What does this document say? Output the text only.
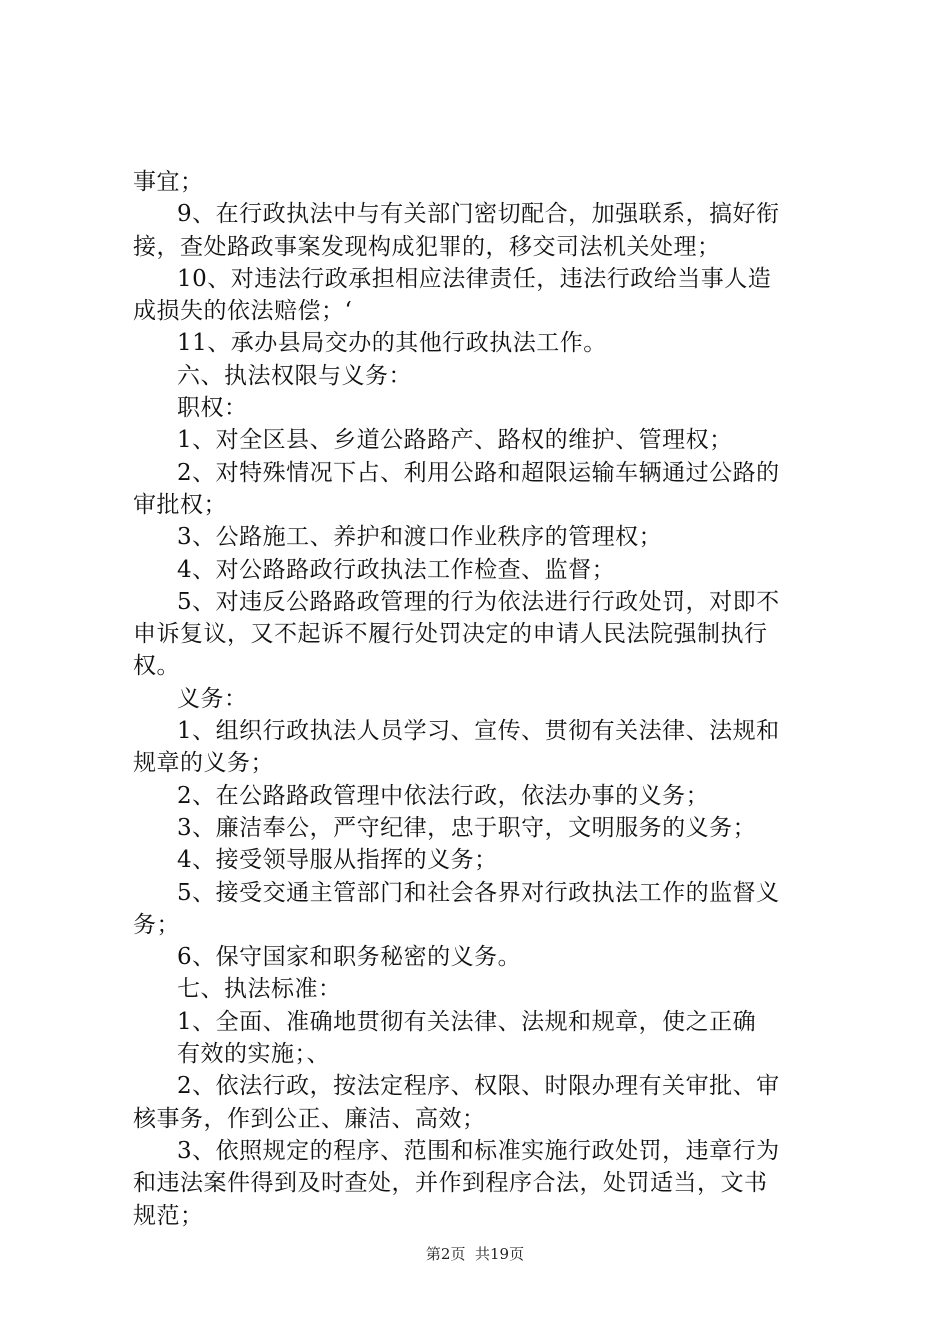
事宜；
9、在行政执法中与有关部门密切配合，加强联系，搞好衔
接，查处路政事案发现构成犯罪的，移交司法机关处理；
10、对违法行政承担相应法律责任，违法行政给当事人造
成损失的依法赔偿；‘
11、承办县局交办的其他行政执法工作。
六、执法权限与义务：
职权：
1、对全区县、乡道公路路产、路权的维护、管理权；
2、对特殊情况下占、利用公路和超限运输车辆通过公路的
审批权；
3、公路施工、养护和渡口作业秩序的管理权；
4、对公路路政行政执法工作检查、监督；
5、对违反公路路政管理的行为依法进行行政处罚，对即不
申诉复议，又不起诉不履行处罚决定的申请人民法院强制执行
权。
义务：
1、组织行政执法人员学习、宣传、贯彻有关法律、法规和
规章的义务；
2、在公路路政管理中依法行政，依法办事的义务；
3、廉洁奉公，严守纪律，忠于职守，文明服务的义务；
4、接受领导服从指挥的义务；
5、接受交通主管部门和社会各界对行政执法工作的监督义
务；
6、保守国家和职务秘密的义务。
七、执法标准：
1、全面、准确地贯彻有关法律、法规和规章，使之正确
有效的实施；、
2、依法行政，按法定程序、权限、时限办理有关审批、审
核事务，作到公正、廉洁、高效；
3、依照规定的程序、范围和标准实施行政处罚，违章行为
和违法案件得到及时查处，并作到程序合法，处罚适当，文书
规范；
第2页  共19页
